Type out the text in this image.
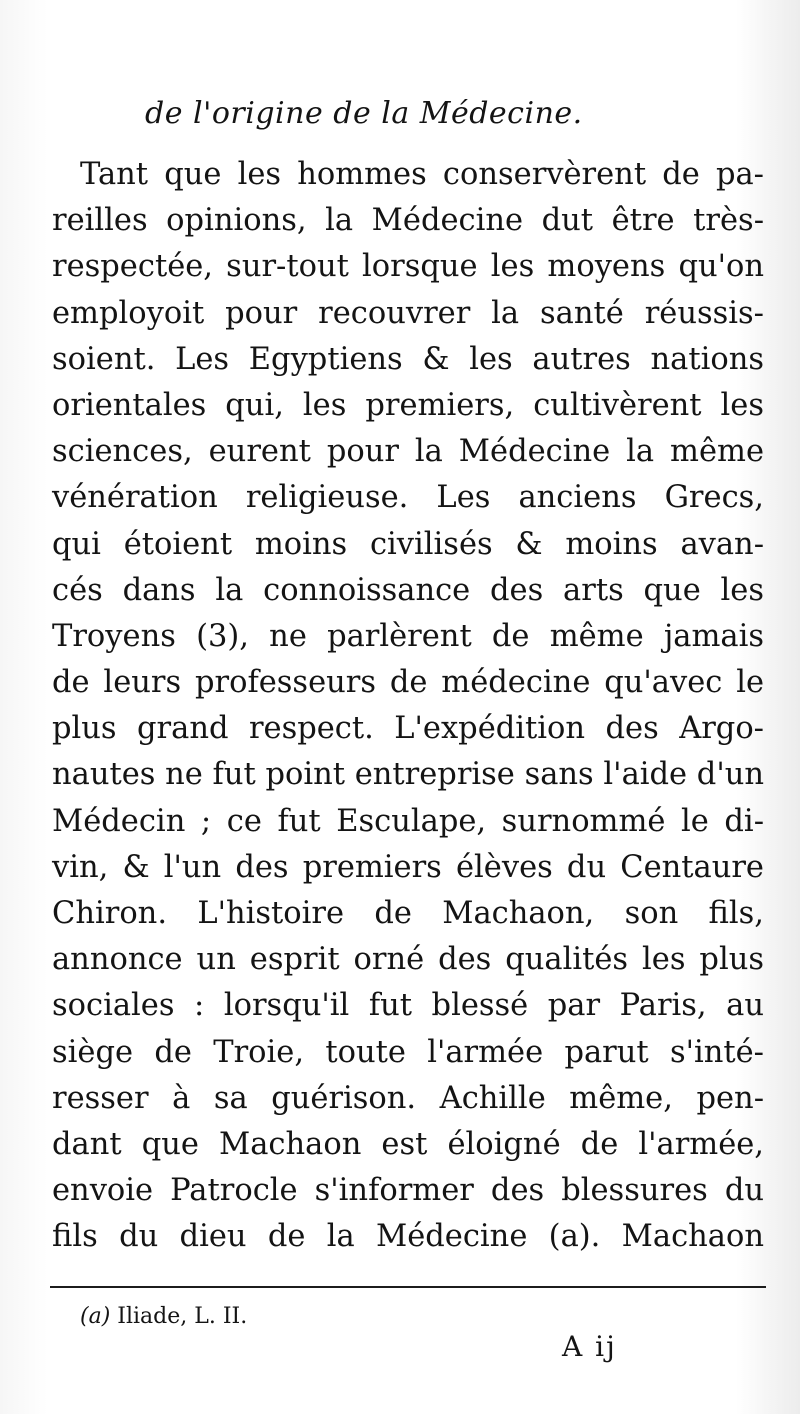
de l'origine de la Médecine.
Tant que les hommes conservèrent de pa-
reilles opinions, la Médecine dut être très-
respectée, sur-tout lorsque les moyens qu'on
employoit pour recouvrer la santé réussis-
soient. Les Egyptiens & les autres nations
orientales qui, les premiers, cultivèrent les
sciences, eurent pour la Médecine la même
vénération religieuse. Les anciens Grecs,
qui étoient moins civilisés & moins avan-
cés dans la connoissance des arts que les
Troyens (3), ne parlèrent de même jamais
de leurs professeurs de médecine qu'avec le
plus grand respect. L'expédition des Argo-
nautes ne fut point entreprise sans l'aide d'un
Médecin ; ce fut Esculape, surnommé le di-
vin, & l'un des premiers élèves du Centaure
Chiron. L'histoire de Machaon, son fils,
annonce un esprit orné des qualités les plus
sociales : lorsqu'il fut blessé par Paris, au
siège de Troie, toute l'armée parut s'inté-
resser à sa guérison. Achille même, pen-
dant que Machaon est éloigné de l'armée,
envoie Patrocle s'informer des blessures du
fils du dieu de la Médecine (a). Machaon
(a) Iliade, L. II.
A ij
